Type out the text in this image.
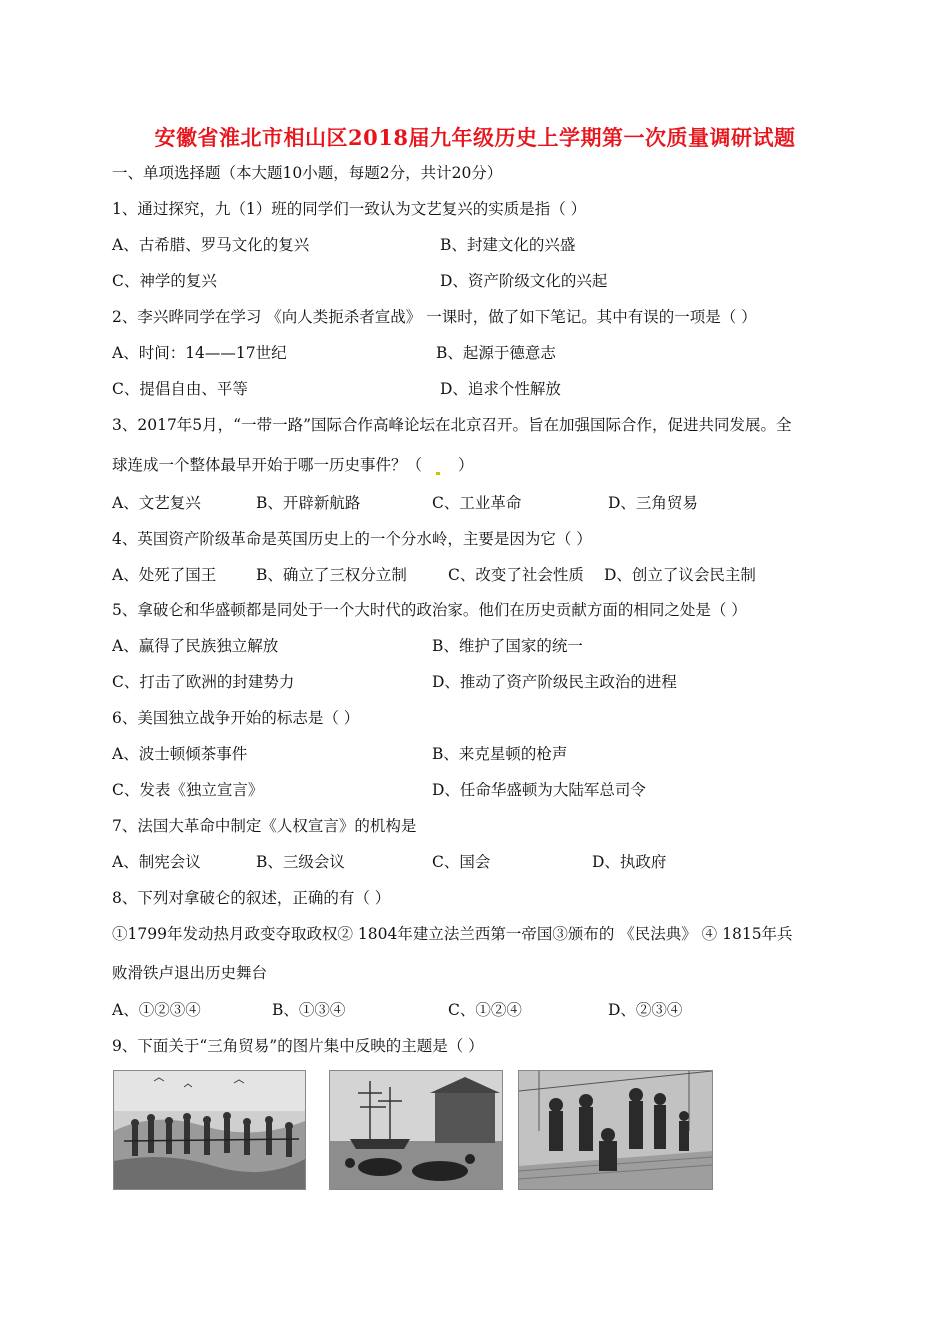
安徽省淮北市相山区2018届九年级历史上学期第一次质量调研试题
一、单项选择题（本大题10小题，每题2分，共计20分）
1、通过探究，九（1）班的同学们一致认为文艺复兴的实质是指（ ）
A、古希腊、罗马文化的复兴	B、封建文化的兴盛
C、神学的复兴	D、资产阶级文化的兴起
2、李兴晔同学在学习 《向人类扼杀者宣战》 一课时，做了如下笔记。其中有误的一项是（ ）
A、时间：14——17世纪	B、起源于德意志
C、提倡自由、平等	D、追求个性解放
3、2017年5月，“一带一路”国际合作高峰论坛在北京召开。旨在加强国际合作，促进共同发展。全
球连成一个整体最早开始于哪一历史事件？（ ）
A、文艺复兴	B、开辟新航路	C、工业革命	D、三角贸易
4、英国资产阶级革命是英国历史上的一个分水岭，主要是因为它（ ）
A、处死了国王	B、确立了三权分立制	C、改变了社会性质 D、创立了议会民主制
5、拿破仑和华盛顿都是同处于一个大时代的政治家。他们在历史贡献方面的相同之处是（ ）
A、赢得了民族独立解放	B、维护了国家的统一
C、打击了欧洲的封建势力	D、推动了资产阶级民主政治的进程
6、美国独立战争开始的标志是（ ）
A、波士顿倾茶事件	B、来克星顿的枪声
C、发表《独立宣言》	D、任命华盛顿为大陆军总司令
7、法国大革命中制定《人权宣言》的机构是
A、制宪会议	B、三级会议	C、国会	D、执政府
8、下列对拿破仑的叙述，正确的有（ ）
①1799年发动热月政变夺取政权② 1804年建立法兰西第一帝国③颁布的 《民法典》 ④ 1815年兵
败滑铁卢退出历史舞台
A、①②③④	B、①③④	C、①②④	D、②③④
9、下面关于“三角贸易”的图片集中反映的主题是（ ）
